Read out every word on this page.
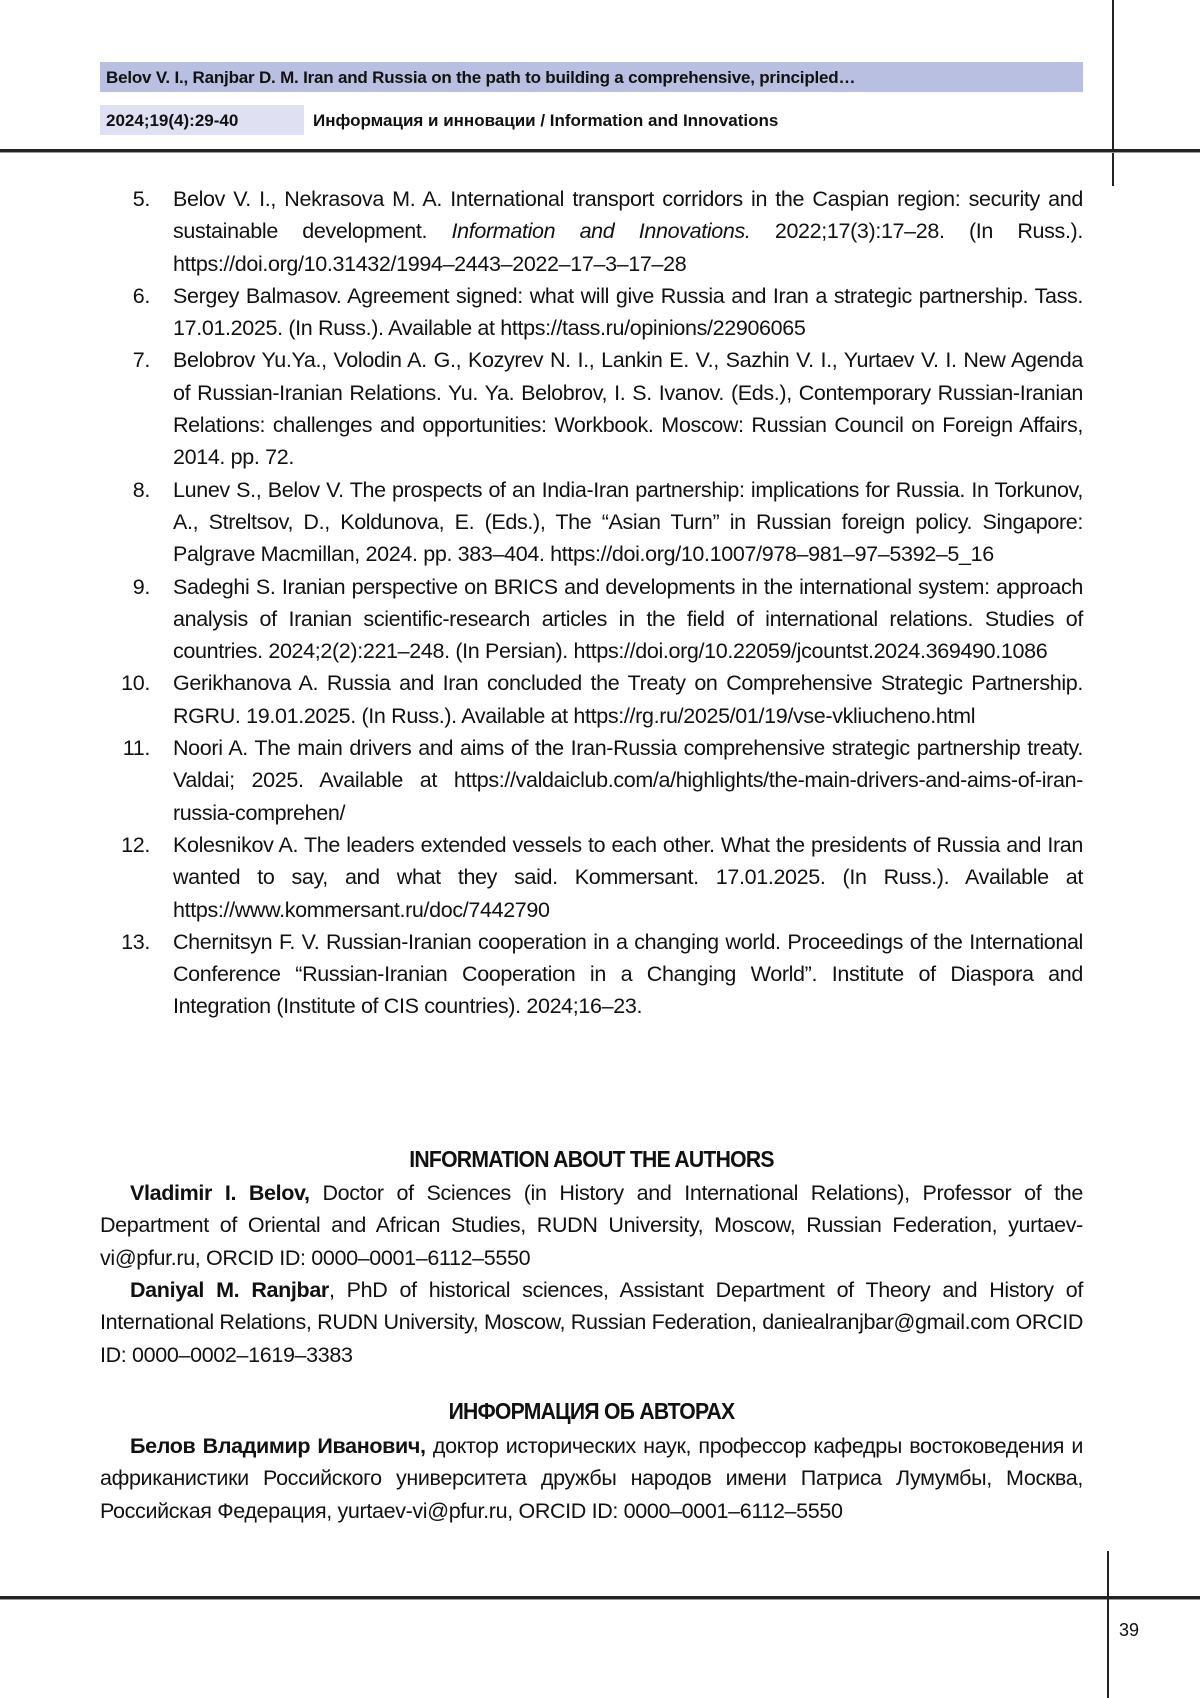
Belov V. I., Ranjbar D. M. Iran and Russia on the path to building a comprehensive, principled…
2024;19(4):29-40	Информация и инновации / Information and Innovations
5. Belov V. I., Nekrasova M. A. International transport corridors in the Caspian region: security and sustainable development. Information and Innovations. 2022;17(3):17–28. (In Russ.). https://doi.org/10.31432/1994–2443–2022–17–3–17–28
6. Sergey Balmasov. Agreement signed: what will give Russia and Iran a strategic partnership. Tass. 17.01.2025. (In Russ.). Available at https://tass.ru/opinions/22906065
7. Belobrov Yu.Ya., Volodin A. G., Kozyrev N. I., Lankin E. V., Sazhin V. I., Yurtaev V. I. New Agenda of Russian-Iranian Relations. Yu. Ya. Belobrov, I. S. Ivanov. (Eds.), Contemporary Russian-Iranian Relations: challenges and opportunities: Workbook. Moscow: Russian Council on Foreign Affairs, 2014. pp. 72.
8. Lunev S., Belov V. The prospects of an India-Iran partnership: implications for Russia. In Torkunov, A., Streltsov, D., Koldunova, E. (Eds.), The “Asian Turn” in Russian foreign policy. Singapore: Palgrave Macmillan, 2024. pp. 383–404. https://doi.org/10.1007/978–981–97–5392–5_16
9. Sadeghi S. Iranian perspective on BRICS and developments in the international system: approach analysis of Iranian scientific-research articles in the field of international relations. Studies of countries. 2024;2(2):221–248. (In Persian). https://doi.org/10.22059/jcountst.2024.369490.1086
10. Gerikhanova A. Russia and Iran concluded the Treaty on Comprehensive Strategic Partnership. RGRU. 19.01.2025. (In Russ.). Available at https://rg.ru/2025/01/19/vse-vkliucheno.html
11. Noori A. The main drivers and aims of the Iran-Russia comprehensive strategic partnership treaty. Valdai; 2025. Available at https://valdaiclub.com/a/highlights/the-main-drivers-and-aims-of-iran-russia-comprehen/
12. Kolesnikov A. The leaders extended vessels to each other. What the presidents of Russia and Iran wanted to say, and what they said. Kommersant. 17.01.2025. (In Russ.). Available at https://www.kommersant.ru/doc/7442790
13. Chernitsyn F. V. Russian-Iranian cooperation in a changing world. Proceedings of the International Conference “Russian-Iranian Cooperation in a Changing World”. Institute of Diaspora and Integration (Institute of CIS countries). 2024;16–23.
INFORMATION ABOUT THE AUTHORS

Vladimir I. Belov, Doctor of Sciences (in History and International Relations), Professor of the Department of Oriental and African Studies, RUDN University, Moscow, Russian Federation, yurtaev-vi@pfur.ru, ORCID ID: 0000–0001–6112–5550

Daniyal M. Ranjbar, PhD of historical sciences, Assistant Department of Theory and History of International Relations, RUDN University, Moscow, Russian Federation, daniealranjbar@gmail.com ORCID ID: 0000–0002–1619–3383

ИНФОРМАЦИЯ ОБ АВТОРАХ

Белов Владимир Иванович, доктор исторических наук, профессор кафедры востоковедения и африканистики Российского университета дружбы народов имени Патриса Лумумбы, Москва, Российская Федерация, yurtaev-vi@pfur.ru, ORCID ID: 0000–0001–6112–5550

39
